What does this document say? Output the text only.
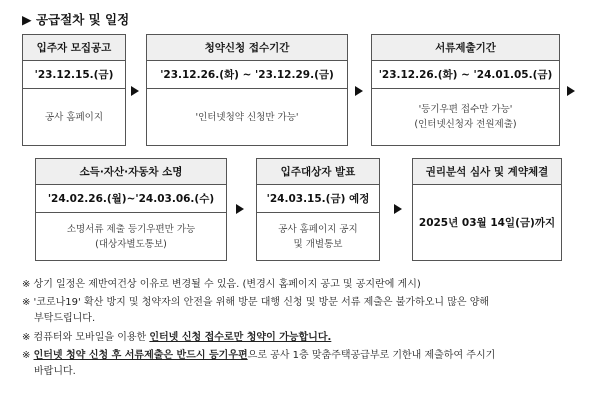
▶ 공급절차 및 일정
입주자 모집공고
'23.12.15.(금)
공사 홈페이지
청약신청 접수기간
'23.12.26.(화) ~ '23.12.29.(금)
'인터넷청약 신청만 가능'
서류제출기간
'23.12.26.(화) ~ '24.01.05.(금)
'등기우편 접수만 가능'
(인터넷신청자 전원제출)
소득·자산·자동차 소명
'24.02.26.(월)~'24.03.06.(수)
소명서류 제출 등기우편만 가능
(대상자별도통보)
입주대상자 발표
'24.03.15.(금) 예정
공사 홈페이지 공지
및 개별통보
권리분석 심사 및 계약체결
2025년 03월 14일(금)까지
※ 상기 일정은 제반여건상 이유로 변경될 수 있음. (변경시 홈페이지 공고 및 공지란에 게시)
※ '코로나19' 확산 방지 및 청약자의 안전을 위해 방문 대행 신청 및 방문 서류 제출은 불가하오니 많은 양해
부탁드립니다.
※ 컴퓨터와 모바일을 이용한 인터넷 신청 접수로만 청약이 가능합니다.
※ 인터넷 청약 신청 후 서류제출은 반드시 등기우편으로 공사 1층 맞춤주택공급부로 기한내 제출하여 주시기
바랍니다.
